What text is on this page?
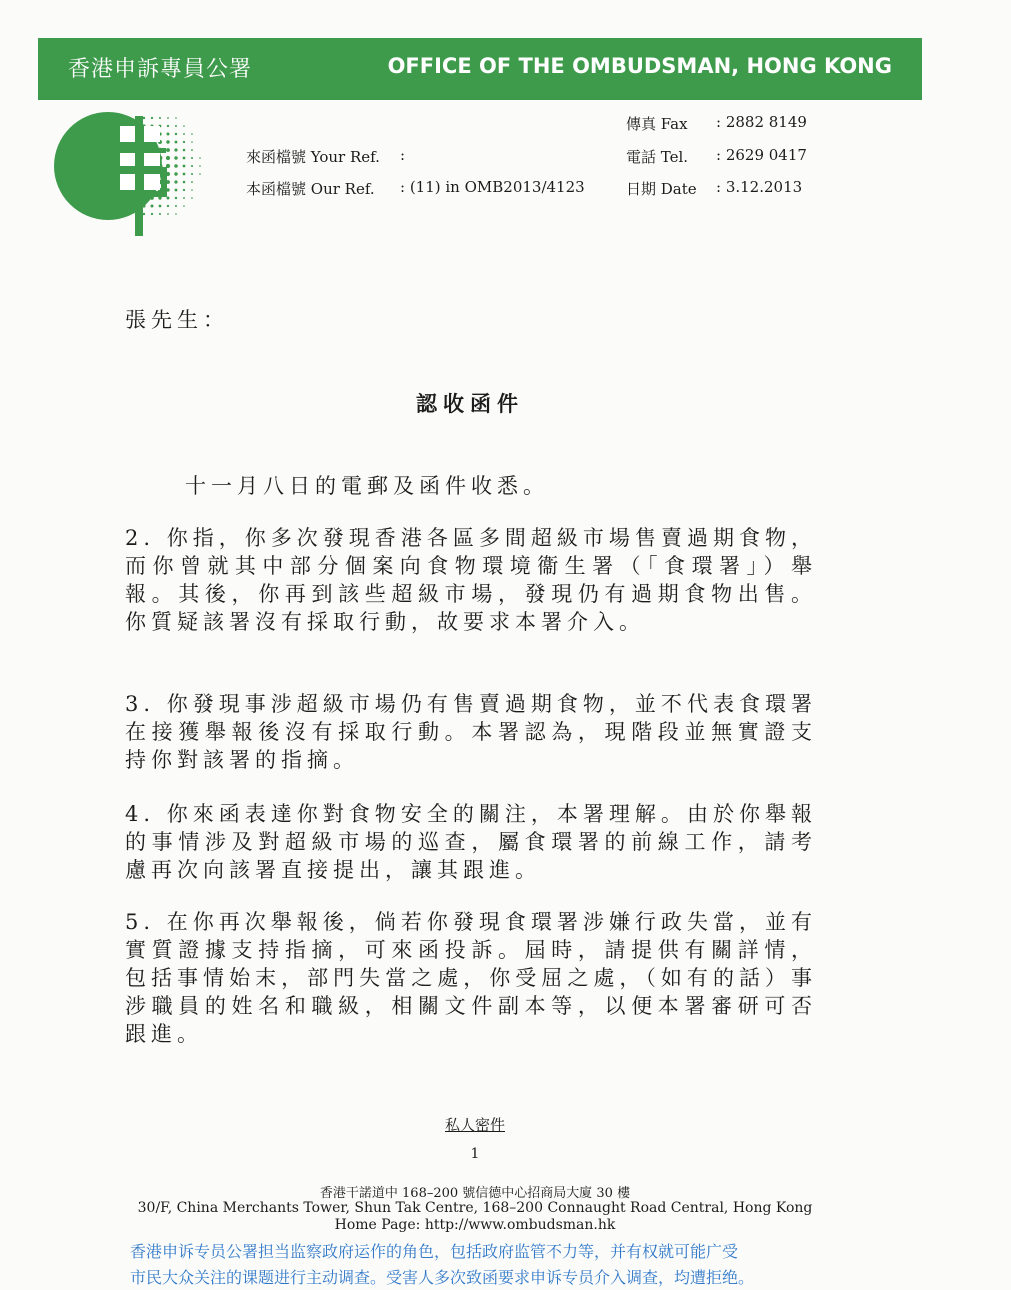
香港申訴專員公署	OFFICE OF THE OMBUDSMAN, HONG KONG
來函檔號 Your Ref. :
本函檔號 Our Ref. : (11) in OMB2013/4123
傳真 Fax : 2882 8149
電話 Tel. : 2629 0417
日期 Date : 3.12.2013
張先生：
認收函件
十一月八日的電郵及函件收悉。
2. 你指，你多次發現香港各區多間超級市場售賣過期食物，而你曾就其中部分個案向食物環境衞生署（「食環署」）舉報。其後，你再到該些超級市場，發現仍有過期食物出售。你質疑該署沒有採取行動，故要求本署介入。
3. 你發現事涉超級市場仍有售賣過期食物，並不代表食環署在接獲舉報後沒有採取行動。本署認為，現階段並無實證支持你對該署的指摘。
4. 你來函表達你對食物安全的關注，本署理解。由於你舉報的事情涉及對超級市場的巡查，屬食環署的前線工作，請考慮再次向該署直接提出，讓其跟進。
5. 在你再次舉報後，倘若你發現食環署涉嫌行政失當，並有實質證據支持指摘，可來函投訴。屆時，請提供有關詳情，包括事情始末，部門失當之處，你受屈之處，（如有的話）事涉職員的姓名和職級，相關文件副本等，以便本署審研可否跟進。
私人密件
1
香港干諾道中 168–200 號信德中心招商局大廈 30 樓
30/F, China Merchants Tower, Shun Tak Centre, 168–200 Connaught Road Central, Hong Kong
Home Page: http://www.ombudsman.hk
香港申诉专员公署担当监察政府运作的角色，包括政府监管不力等，并有权就可能广受
市民大众关注的课题进行主动调查。受害人多次致函要求申诉专员介入调查，均遭拒绝。
